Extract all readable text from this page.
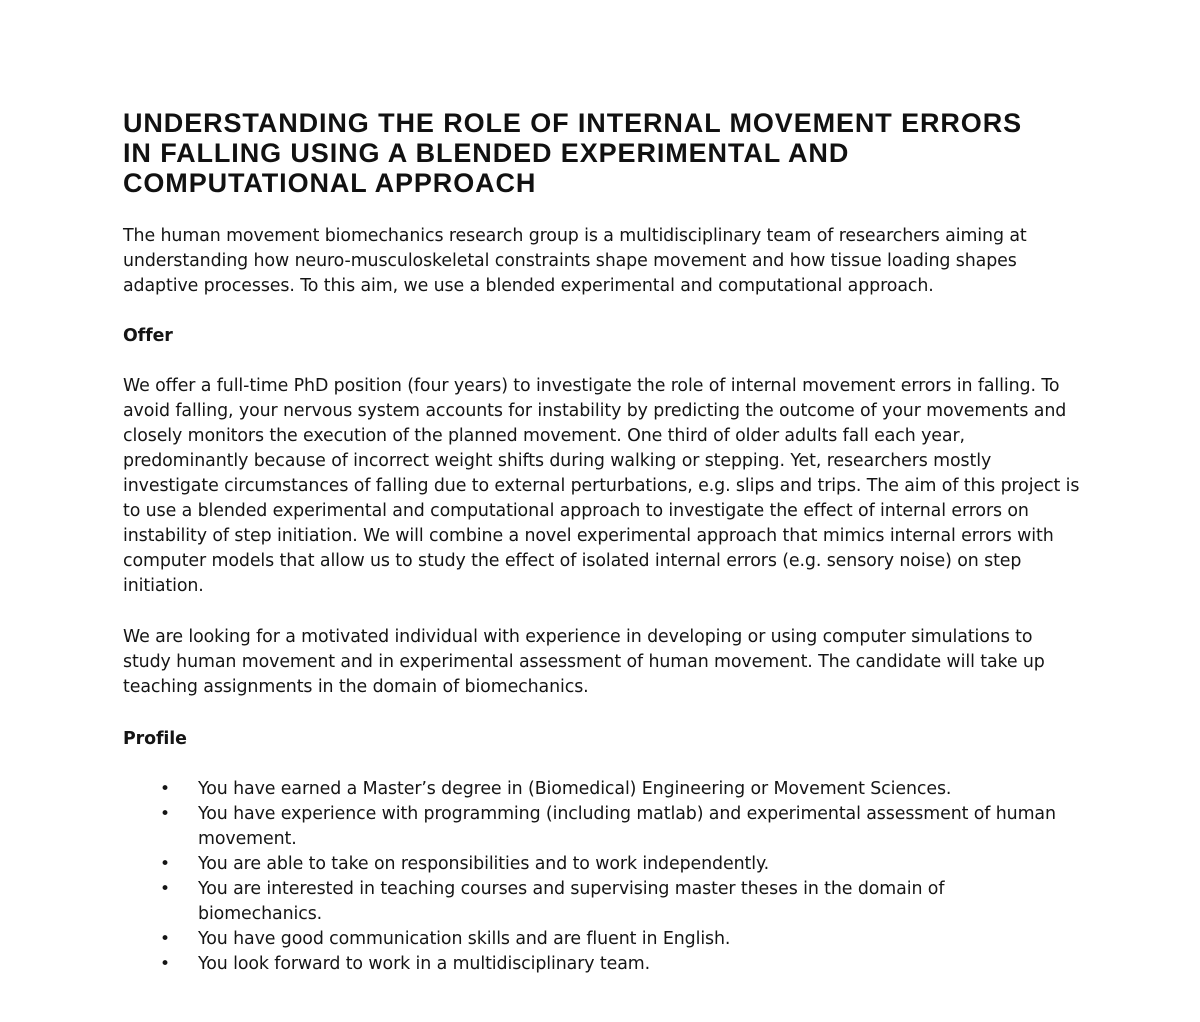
UNDERSTANDING THE ROLE OF INTERNAL MOVEMENT ERRORS IN FALLING USING A BLENDED EXPERIMENTAL AND COMPUTATIONAL APPROACH

The human movement biomechanics research group is a multidisciplinary team of researchers aiming at understanding how neuro-musculoskeletal constraints shape movement and how tissue loading shapes adaptive processes. To this aim, we use a blended experimental and computational approach.

Offer

We offer a full-time PhD position (four years) to investigate the role of internal movement errors in falling. To avoid falling, your nervous system accounts for instability by predicting the outcome of your movements and closely monitors the execution of the planned movement. One third of older adults fall each year, predominantly because of incorrect weight shifts during walking or stepping. Yet, researchers mostly investigate circumstances of falling due to external perturbations, e.g. slips and trips. The aim of this project is to use a blended experimental and computational approach to investigate the effect of internal errors on instability of step initiation. We will combine a novel experimental approach that mimics internal errors with computer models that allow us to study the effect of isolated internal errors (e.g. sensory noise) on step initiation.

We are looking for a motivated individual with experience in developing or using computer simulations to study human movement and in experimental assessment of human movement. The candidate will take up teaching assignments in the domain of biomechanics.

Profile

• You have earned a Master’s degree in (Biomedical) Engineering or Movement Sciences.
• You have experience with programming (including matlab) and experimental assessment of human movement.
• You are able to take on responsibilities and to work independently.
• You are interested in teaching courses and supervising master theses in the domain of biomechanics.
• You have good communication skills and are fluent in English.
• You look forward to work in a multidisciplinary team.
